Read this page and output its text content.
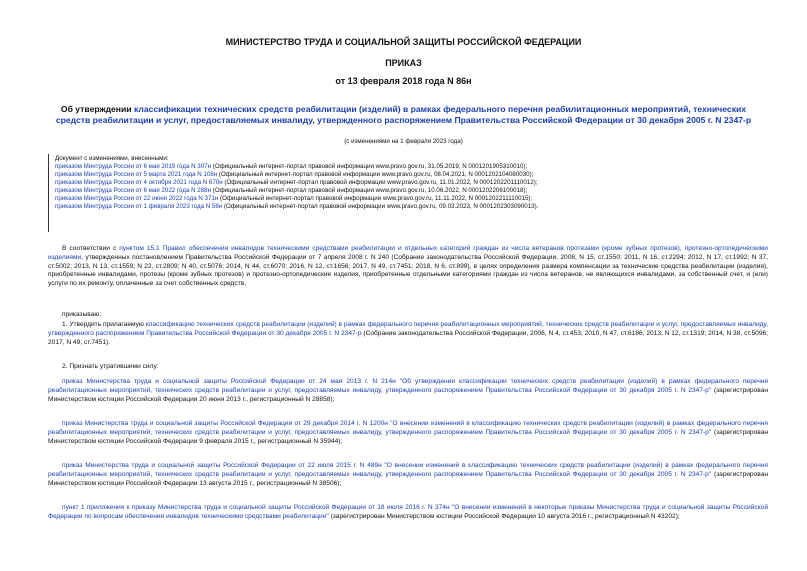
МИНИСТЕРСТВО ТРУДА И СОЦИАЛЬНОЙ ЗАЩИТЫ РОССИЙСКОЙ ФЕДЕРАЦИИ
ПРИКАЗ
от 13 февраля 2018 года N 86н
Об утверждении классификации технических средств реабилитации (изделий) в рамках федерального перечня реабилитационных мероприятий, технических средств реабилитации и услуг, предоставляемых инвалиду, утвержденного распоряжением Правительства Российской Федерации от 30 декабря 2005 г. N 2347-р
(с изменениями на 1 февраля 2023 года)
Документ с изменениями, внесенными:
приказом Минтруда России от 6 мая 2019 года N 307н (Официальный интернет-портал правовой информации www.pravo.gov.ru, 31.05.2019, N 0001201905310010);
приказом Минтруда России от 5 марта 2021 года N 108н (Официальный интернет-портал правовой информации www.pravo.gov.ru, 08.04.2021, N 0001202104080030);
приказом Минтруда России от 4 октября 2021 года N 670н (Официальный интернет-портал правовой информации www.pravo.gov.ru, 11.01.2022, N 0001202201110012);
приказом Минтруда России от 6 мая 2022 года N 288н (Официальный интернет-портал правовой информации www.pravo.gov.ru, 10.06.2022, N 0001202206100018);
приказом Минтруда России от 22 июня 2022 года N 371н (Официальный интернет-портал правовой информации www.pravo.gov.ru, 11.11.2022, N 0001202211110015);
приказом Минтруда России от 1 февраля 2023 года N 56н (Официальный интернет-портал правовой информации www.pravo.gov.ru, 09.03.2023, N 0001202303090013).
В соответствии с пунктом 15.1 Правил обеспечения инвалидов техническими средствами реабилитации и отдельных категорий граждан из числа ветеранов протезами (кроме зубных протезов), протезно-ортопедическими изделиями, утвержденных постановлением Правительства Российской Федерации от 7 апреля 2008 г. N 240 (Собрание законодательства Российской Федерации, 2008, N 15, ст.1550; 2011, N 16, ст.2294; 2012, N 17, ст.1992; N 37, ст.5002; 2013, N 13, ст.1559; N 22, ст.2809; N 40, ст.5076; 2014, N 44, ст.6070; 2016, N 12, ст.1656; 2017, N 49, ст.7451; 2018, N 6, ст.899), в целях определения размера компенсации за технические средства реабилитации (изделия), приобретенные инвалидами, протезы (кроме зубных протезов) и протезно-ортопедические изделия, приобретенные отдельными категориями граждан из числа ветеранов, не являющихся инвалидами, за собственный счет, и (или) услуги по их ремонту, оплаченные за счет собственных средств,
приказываю:
1. Утвердить прилагаемую классификацию технических средств реабилитации (изделий) в рамках федерального перечня реабилитационных мероприятий, технических средств реабилитации и услуг, предоставляемых инвалиду, утвержденного распоряжением Правительства Российской Федерации от 30 декабря 2005 г. N 2347-р (Собрание законодательства Российской Федерации, 2006, N 4, ст.453; 2010, N 47, ст.6186; 2013, N 12, ст.1319; 2014, N 38, ст.5096; 2017, N 49, ст.7451).
2. Признать утратившими силу:
приказ Министерства труда и социальной защиты Российской Федерации от 24 мая 2013 г. N 214н "Об утверждении классификации технических средств реабилитации (изделий) в рамках федерального перечня реабилитационных мероприятий, технических средств реабилитации и услуг, предоставляемых инвалиду, утвержденного распоряжением Правительства Российской Федерации от 30 декабря 2005 г. N 2347-р" (зарегистрирован Министерством юстиции Российской Федерации 20 июня 2013 г., регистрационный N 28858);
приказ Министерства труда и социальной защиты Российской Федерации от 29 декабря 2014 г. N 1200н "О внесении изменений в классификацию технических средств реабилитации (изделий) в рамках федерального перечня реабилитационных мероприятий, технических средств реабилитации и услуг, предоставляемых инвалиду, утвержденного распоряжением Правительства Российской Федерации от 30 декабря 2005 г. N 2347-р" (зарегистрирован Министерством юстиции Российской Федерации 9 февраля 2015 г., регистрационный N 35944);
приказ Министерства труда и социальной защиты Российской Федерации от 22 июля 2015 г. N 489н "О внесении изменений в классификацию технических средств реабилитации (изделий) в рамках федерального перечня реабилитационных мероприятий, технических средств реабилитации и услуг, предоставляемых инвалиду, утвержденного распоряжением Правительства Российской Федерации от 30 декабря 2005 г. N 2347-р" (зарегистрирован Министерством юстиции Российской Федерации 13 августа 2015 г., регистрационный N 38506);
пункт 1 приложения к приказу Министерства труда и социальной защиты Российской Федерации от 18 июля 2016 г. N 374н "О внесении изменений в некоторые приказы Министерства труда и социальной защиты Российской Федерации по вопросам обеспечения инвалидов техническими средствами реабилитации" (зарегистрирован Министерством юстиции Российской Федерации 10 августа 2016 г., регистрационный N 43202);
